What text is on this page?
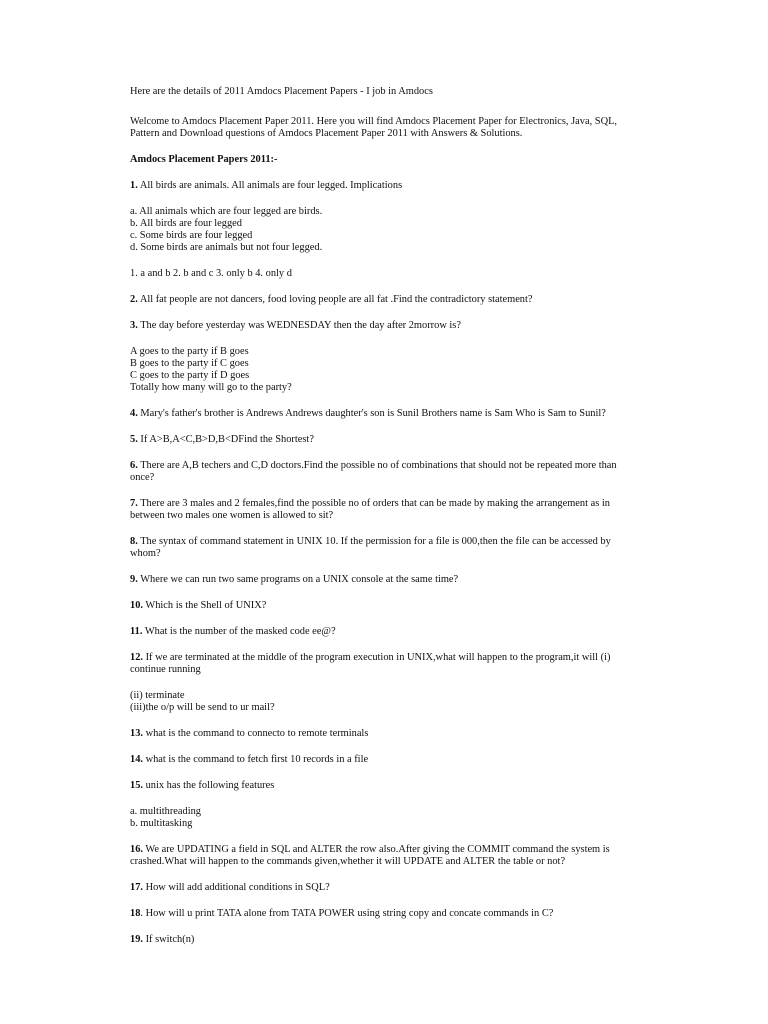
Here are the details of 2011 Amdocs Placement Papers - I job in Amdocs

Welcome to Amdocs Placement Paper 2011. Here you will find Amdocs Placement Paper for Electronics, Java, SQL, Pattern and Download questions of Amdocs Placement Paper 2011 with Answers & Solutions.

Amdocs Placement Papers 2011:-

1. All birds are animals. All animals are four legged. Implications

a. All animals which are four legged are birds.
b. All birds are four legged
c. Some birds are four legged
d. Some birds are animals but not four legged.

1. a and b 2. b and c 3. only b 4. only d

2. All fat people are not dancers, food loving people are all fat .Find the contradictory statement?

3. The day before yesterday was WEDNESDAY then the day after 2morrow is?

A goes to the party if B goes
B goes to the party if C goes
C goes to the party if D goes
Totally how many will go to the party?

4. Mary's father's brother is Andrews Andrews daughter's son is Sunil Brothers name is Sam Who is Sam to Sunil?

5. If A>B,A<C,B>D,B<DFind the Shortest?

6. There are A,B techers and C,D doctors.Find the possible no of combinations that should not be repeated more than once?

7. There are 3 males and 2 females,find the possible no of orders that can be made by making the arrangement as in between two males one women is allowed to sit?

8. The syntax of command statement in UNIX 10. If the permission for a file is 000,then the file can be accessed by whom?

9. Where we can run two same programs on a UNIX console at the same time?

10. Which is the Shell of UNIX?

11. What is the number of the masked code ee@?

12. If we are terminated at the middle of the program execution in UNIX,what will happen to the program,it will (i) continue running

(ii) terminate
(iii)the o/p will be send to ur mail?

13. what is the command to connecto to remote terminals

14. what is the command to fetch first 10 records in a file

15. unix has the following features

a. multithreading
b. multitasking

16. We are UPDATING a field in SQL and ALTER the row also.After giving the COMMIT command the system is crashed.What will happen to the commands given,whether it will UPDATE and ALTER the table or not?

17. How will add additional conditions in SQL?

18. How will u print TATA alone from TATA POWER using string copy and concate commands in C?

19. If switch(n)
